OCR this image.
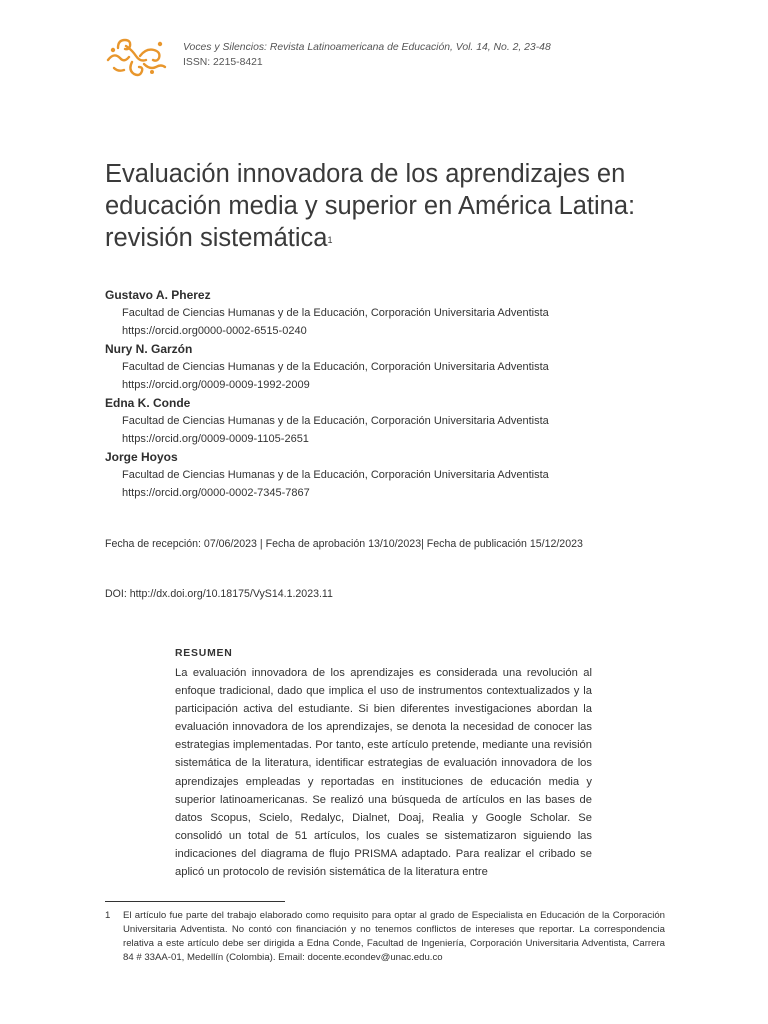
Voces y Silencios: Revista Latinoamericana de Educación, Vol. 14, No. 2, 23-48
ISSN: 2215-8421
Evaluación innovadora de los aprendizajes en educación media y superior en América Latina: revisión sistemática$^1$
Gustavo A. Pherez
Facultad de Ciencias Humanas y de la Educación, Corporación Universitaria Adventista
https://orcid.org0000-0002-6515-0240
Nury N. Garzón
Facultad de Ciencias Humanas y de la Educación, Corporación Universitaria Adventista
https://orcid.org/0009-0009-1992-2009
Edna K. Conde
Facultad de Ciencias Humanas y de la Educación, Corporación Universitaria Adventista
https://orcid.org/0009-0009-1105-2651
Jorge Hoyos
Facultad de Ciencias Humanas y de la Educación, Corporación Universitaria Adventista
https://orcid.org/0000-0002-7345-7867
Fecha de recepción: 07/06/2023 | Fecha de aprobación 13/10/2023| Fecha de publicación 15/12/2023
DOI: http://dx.doi.org/10.18175/VyS14.1.2023.11
RESUMEN

La evaluación innovadora de los aprendizajes es considerada una revolución al enfoque tradicional, dado que implica el uso de instrumentos contextualizados y la participación activa del estudiante. Si bien diferentes investigaciones abordan la evaluación innovadora de los aprendizajes, se denota la necesidad de conocer las estrategias implementadas. Por tanto, este artículo pretende, mediante una revisión sistemática de la literatura, identificar estrategias de evaluación innovadora de los aprendizajes empleadas y reportadas en instituciones de educación media y superior latinoamericanas. Se realizó una búsqueda de artículos en las bases de datos Scopus, Scielo, Redalyc, Dialnet, Doaj, Realia y Google Scholar. Se consolidó un total de 51 artículos, los cuales se sistematizaron siguiendo las indicaciones del diagrama de flujo PRISMA adaptado. Para realizar el cribado se aplicó un protocolo de revisión sistemática de la literatura entre

1 El artículo fue parte del trabajo elaborado como requisito para optar al grado de Especialista en Educación de la Corporación Universitaria Adventista. No contó con financiación y no tenemos conflictos de intereses que reportar. La correspondencia relativa a este artículo debe ser dirigida a Edna Conde, Facultad de Ingeniería, Corporación Universitaria Adventista, Carrera 84 # 33AA-01, Medellín (Colombia). Email: docente.econdev@unac.edu.co
